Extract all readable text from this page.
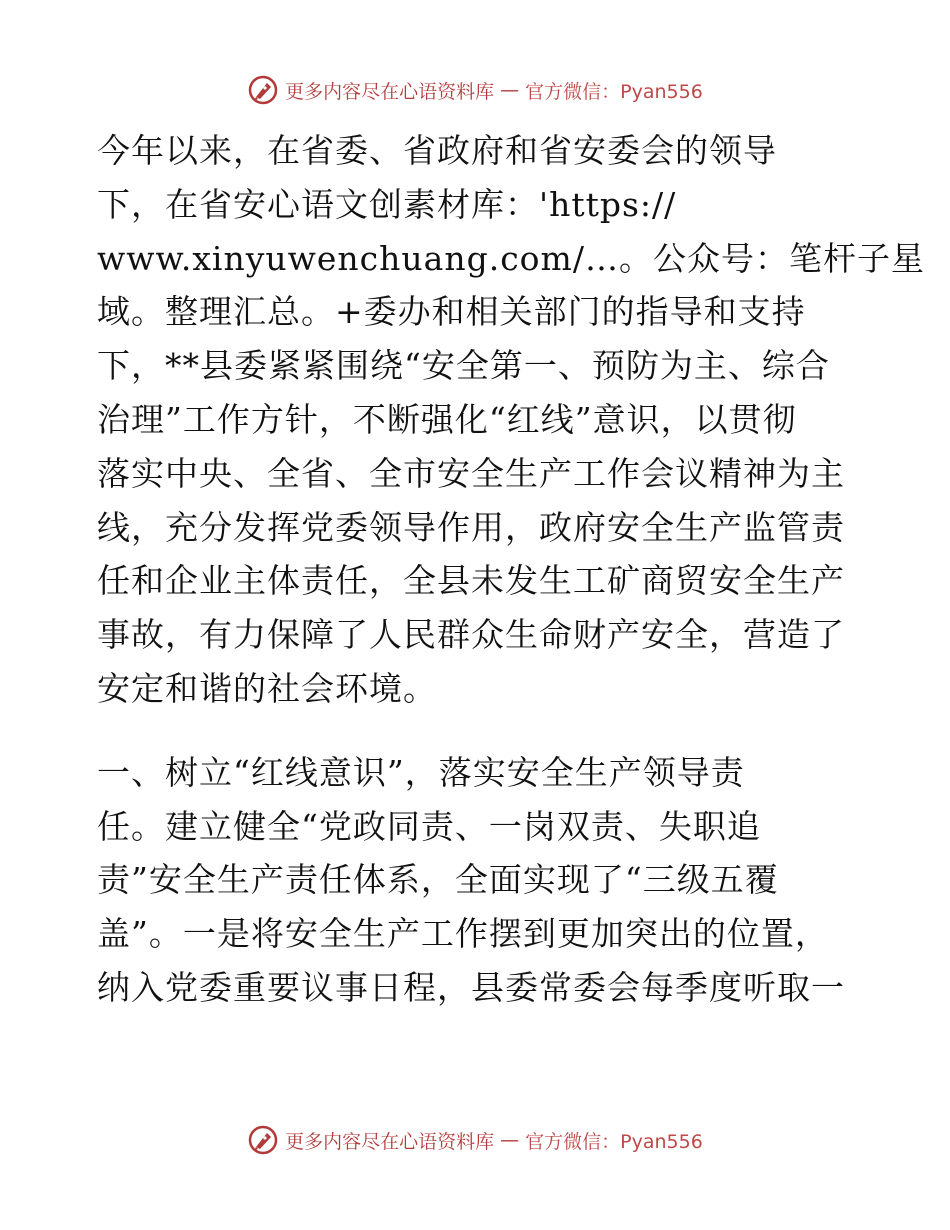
更多内容尽在心语资料库 — 官方微信：Pyan556

今年以来，在省委、省政府和省安委会的领导
下，在省安心语文创素材库：'https://
www.xinyuwenchuang.com/…。公众号：笔杆子星
域。整理汇总。+委办和相关部门的指导和支持
下，**县委紧紧围绕“安全第一、预防为主、综合
治理”工作方针，不断强化“红线”意识，以贯彻
落实中央、全省、全市安全生产工作会议精神为主
线，充分发挥党委领导作用，政府安全生产监管责
任和企业主体责任，全县未发生工矿商贸安全生产
事故，有力保障了人民群众生命财产安全，营造了
安定和谐的社会环境。

一、树立“红线意识”，落实安全生产领导责
任。建立健全“党政同责、一岗双责、失职追
责”安全生产责任体系，全面实现了“三级五覆
盖”。一是将安全生产工作摆到更加突出的位置，
纳入党委重要议事日程，县委常委会每季度听取一

更多内容尽在心语资料库 — 官方微信：Pyan556
